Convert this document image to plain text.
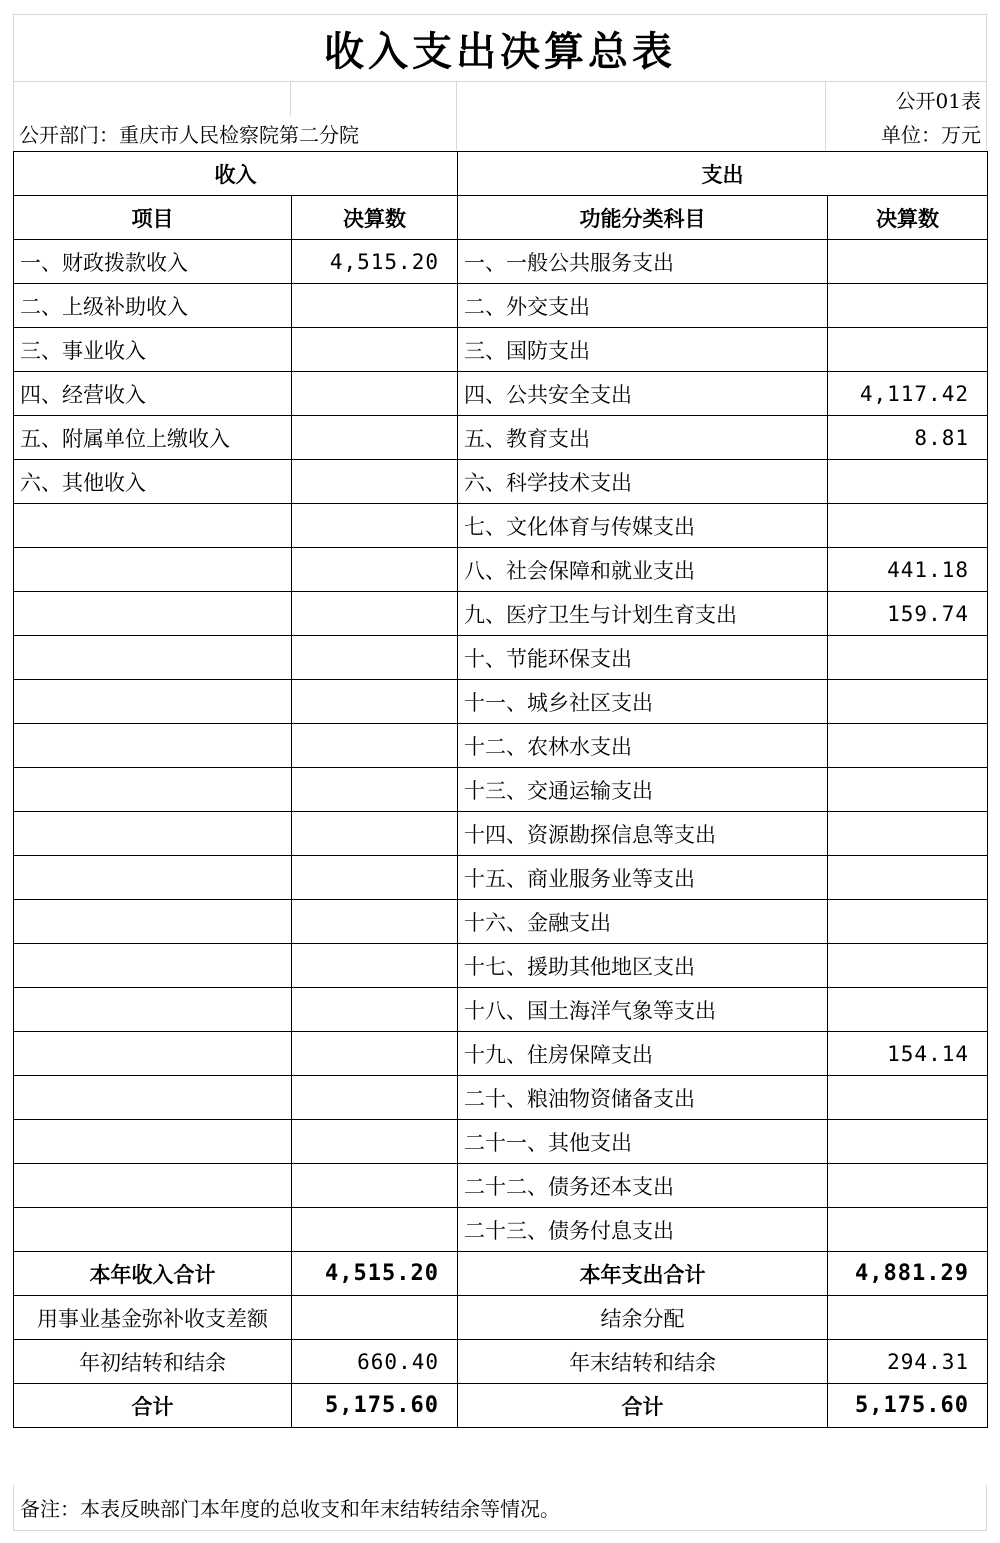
收入支出决算总表
公开01表
公开部门：重庆市人民检察院第二分院	单位：万元
收入		支出	
项目	决算数	功能分类科目	决算数
一、财政拨款收入	4,515.20	一、一般公共服务支出	
二、上级补助收入		二、外交支出	
三、事业收入		三、国防支出	
四、经营收入		四、公共安全支出	4,117.42
五、附属单位上缴收入		五、教育支出	8.81
六、其他收入		六、科学技术支出	
		七、文化体育与传媒支出	
		八、社会保障和就业支出	441.18
		九、医疗卫生与计划生育支出	159.74
		十、节能环保支出	
		十一、城乡社区支出	
		十二、农林水支出	
		十三、交通运输支出	
		十四、资源勘探信息等支出	
		十五、商业服务业等支出	
		十六、金融支出	
		十七、援助其他地区支出	
		十八、国土海洋气象等支出	
		十九、住房保障支出	154.14
		二十、粮油物资储备支出	
		二十一、其他支出	
		二十二、债务还本支出	
		二十三、债务付息支出	
本年收入合计	4,515.20	本年支出合计	4,881.29
用事业基金弥补收支差额		结余分配	
年初结转和结余	660.40	年末结转和结余	294.31
合计	5,175.60	合计	5,175.60
备注：本表反映部门本年度的总收支和年末结转结余等情况。
